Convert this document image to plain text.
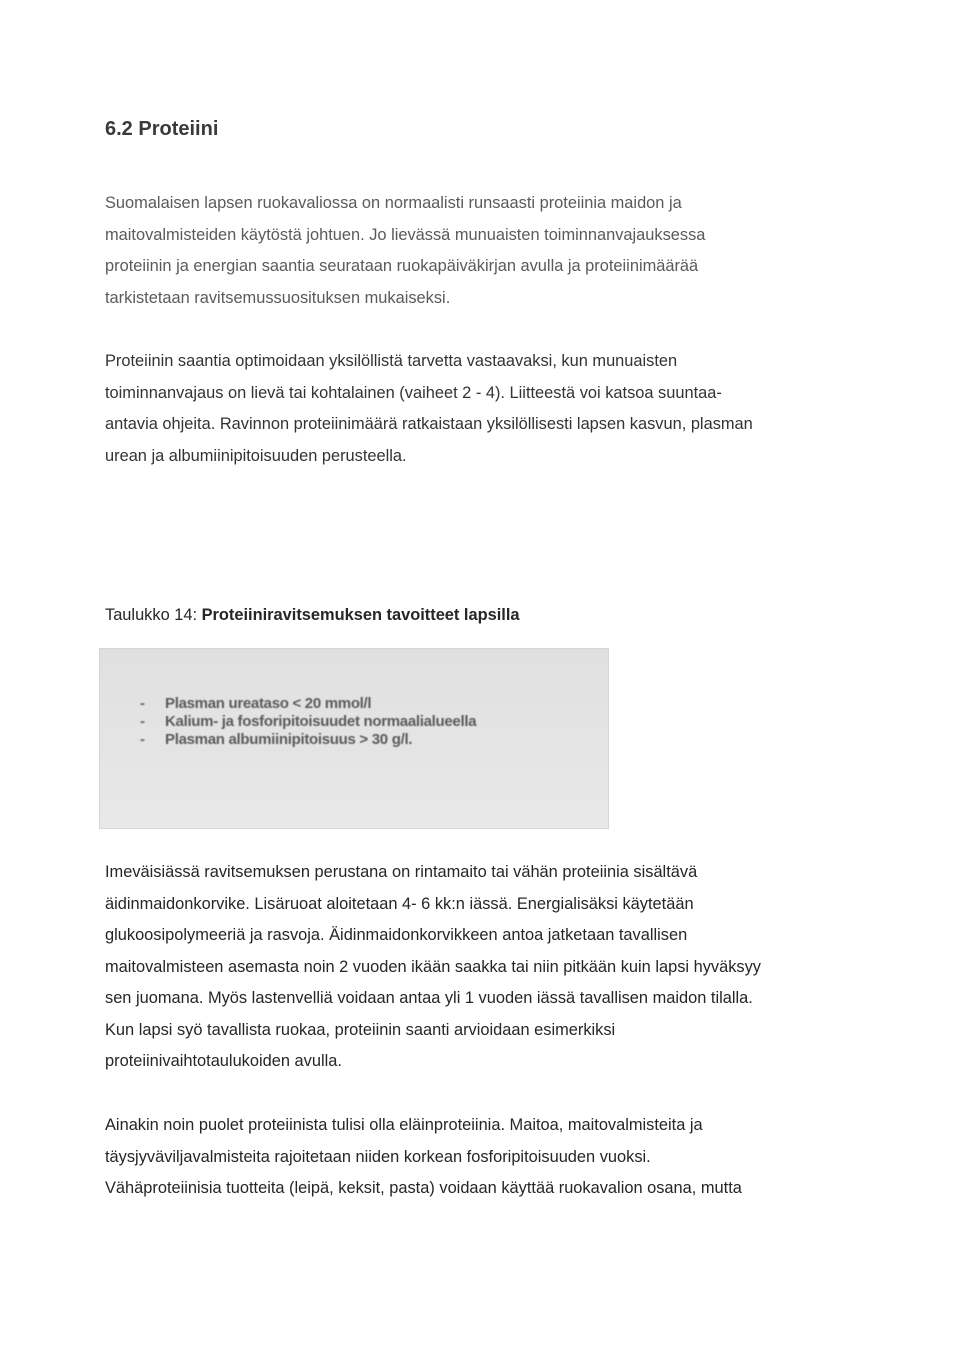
6.2 Proteiini

Suomalaisen lapsen ruokavaliossa on normaalisti runsaasti proteiinia maidon ja
maitovalmisteiden käytöstä johtuen. Jo lievässä munuaisten toiminnanvajauksessa
proteiinin ja energian saantia seurataan ruokapäiväkirjan avulla ja proteiinimäärää
tarkistetaan ravitsemussuosituksen mukaiseksi.

Proteiinin saantia optimoidaan yksilöllistä tarvetta vastaavaksi, kun munuaisten
toiminnanvajaus on lievä tai kohtalainen (vaiheet 2 - 4). Liitteestä voi katsoa suuntaa-
antavia ohjeita. Ravinnon proteiinimäärä ratkaistaan yksilöllisesti lapsen kasvun, plasman
urean ja albumiinipitoisuuden perusteella.

Taulukko 14: Proteiiniravitsemuksen tavoitteet lapsilla

- Plasman ureataso < 20 mmol/l
- Kalium- ja fosforipitoisuudet normaalialueella
- Plasman albumiinipitoisuus > 30 g/l.

Imeväisiässä ravitsemuksen perustana on rintamaito tai vähän proteiinia sisältävä
äidinmaidonkorvike. Lisäruoat aloitetaan 4- 6 kk:n iässä. Energialisäksi käytetään
glukoosipolymeeriä ja rasvoja. Äidinmaidonkorvikkeen antoa jatketaan tavallisen
maitovalmisteen asemasta noin 2 vuoden ikään saakka tai niin pitkään kuin lapsi hyväksyy
sen juomana. Myös lastenvelliä voidaan antaa yli 1 vuoden iässä tavallisen maidon tilalla.
Kun lapsi syö tavallista ruokaa, proteiinin saanti arvioidaan esimerkiksi
proteiinivaihtotaulukoiden avulla.

Ainakin noin puolet proteiinista tulisi olla eläinproteiinia. Maitoa, maitovalmisteita ja
täysjyväviljavalmisteita rajoitetaan niiden korkean fosforipitoisuuden vuoksi.
Vähäproteiinisia tuotteita (leipä, keksit, pasta) voidaan käyttää ruokavalion osana, mutta
